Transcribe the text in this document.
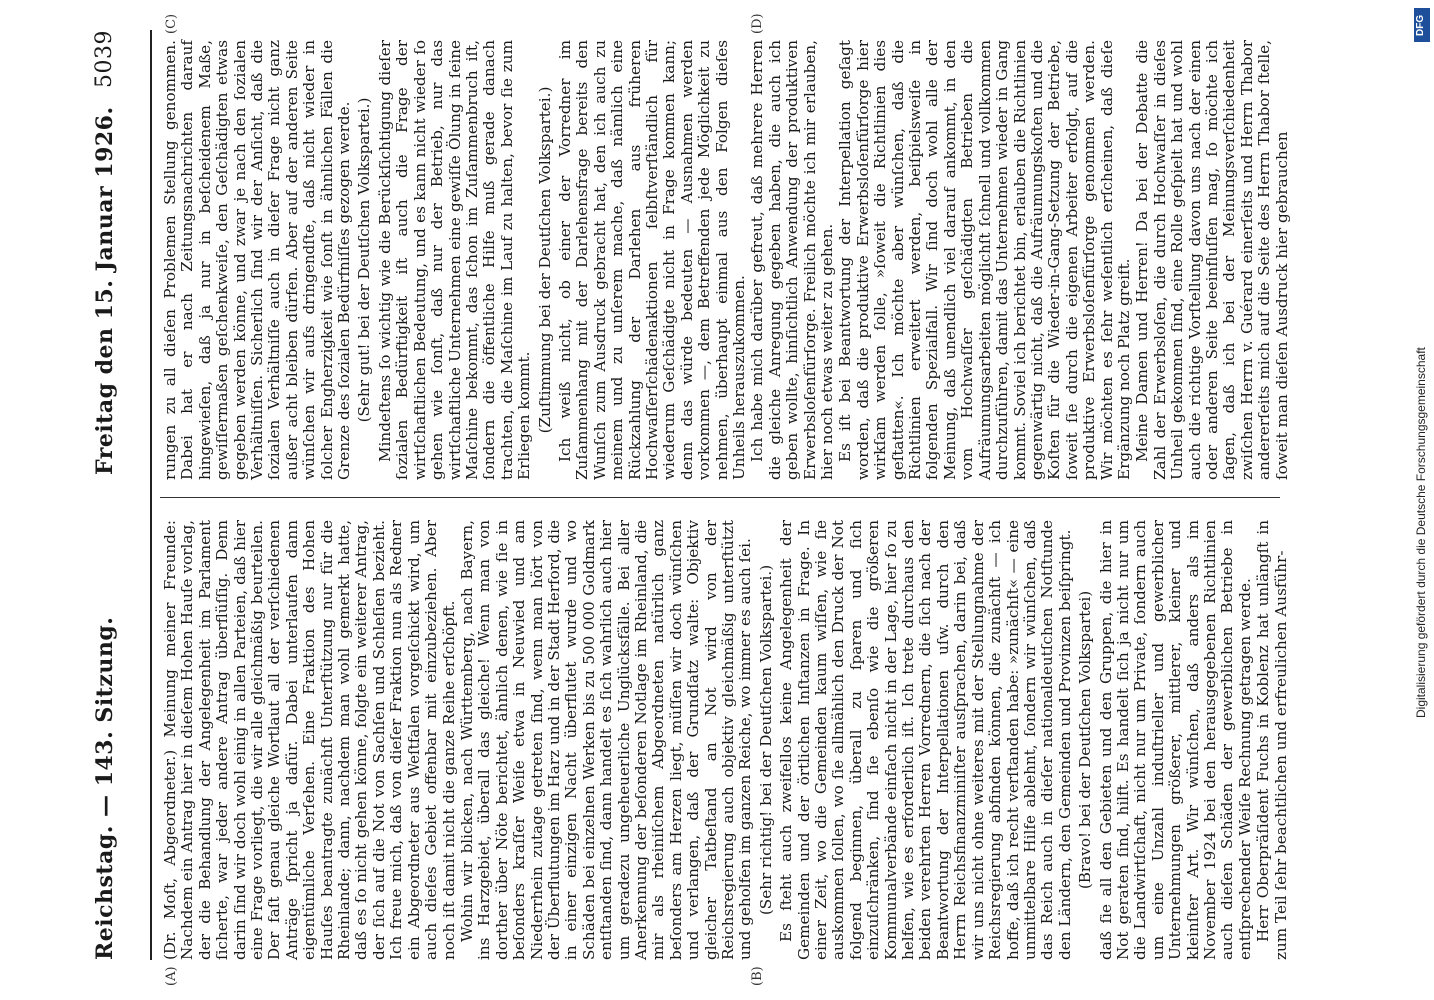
Reichstag. — 143. Sitzung.
Freitag den 15. Januar 1926.
5039
(A)	(B)
(C)	(D)

(Dr. Moſt, Abgeordneter.) Meinung meiner Freunde: Nachdem ein Antrag hier in dieſem Hohen Hauſe vorlag, der die Behandlung der Angelegenheit im Parlament ſicherte, war jeder andere Antrag überflüſſig. Denn darin ſind wir doch wohl einig in allen Parteien, daß hier eine Frage vorliegt, die wir alle gleichmäßig beurteilen. Der faſt genau gleiche Wortlaut all der verſchiedenen Anträge ſpricht ja dafür. Dabei unterlaufen dann eigentümliche Verſehen. Eine Fraktion des Hohen Hauſes beantragte zunächſt Unterſtützung nur für die Rheinlande; dann, nachdem man wohl gemerkt hatte, daß es ſo nicht gehen könne, folgte ein weiterer Antrag, der ſich auf die Not von Sachſen und Schleſien bezieht. Ich freue mich, daß von dieſer Fraktion nun als Redner ein Abgeordneter aus Weſtfalen vorgeſchickt wird, um auch dieſes Gebiet offenbar mit einzubeziehen. Aber noch iſt damit nicht die ganze Reihe erſchöpft. Wohin wir blicken, nach Württemberg, nach Bayern, ins Harzgebiet, überall das gleiche! Wenn man von dorther über Nöte berichtet, ähnlich denen, wie ſie in beſonders kraſſer Weiſe etwa in Neuwied und am Niederrhein zutage getreten ſind, wenn man hört von der Überflutungen im Harz und in der Stadt Herford, die in einer einzigen Nacht überflutet wurde und wo Schäden bei einzelnen Werken bis zu 500 000 Goldmark entſtanden ſind, dann handelt es ſich wahrlich auch hier um geradezu ungeheuerliche Unglücksfälle. Bei aller Anerkennung der beſonderen Notlage im Rheinland, die mir als rheiniſchem Abgeordneten natürlich ganz beſonders am Herzen liegt, müſſen wir doch wünſchen und verlangen, daß der Grundſatz walte: Objektiv gleicher Tatbeſtand an Not wird von der Reichsregierung auch objektiv gleichmäßig unterſtützt und geholfen im ganzen Reiche, wo immer es auch ſei. (Sehr richtig! bei der Deutſchen Volkspartei.) Es ſteht auch zweifellos keine Angelegenheit der Gemeinden und der örtlichen Inſtanzen in Frage. In einer Zeit, wo die Gemeinden kaum wiſſen, wie ſie auskommen ſollen, wo ſie allmählich den Druck der Not folgend beginnen, überall zu ſparen und ſich einzuſchränken, ſind ſie ebenſo wie die größeren Kommunalverbände einfach nicht in der Lage, hier ſo zu helfen, wie es erforderlich iſt. Ich trete durchaus den beiden verehrten Herren Vorrednern, die ſich nach der Beantwortung der Interpellationen uſw. durch den Herrn Reichsfinanzminiſter ausſprachen, darin bei, daß wir uns nicht ohne weiteres mit der Stellungnahme der Reichsregierung abfinden können, die zunächſt — ich hoffe, daß ich recht verſtanden habe: »zunächſt« — eine unmittelbare Hilfe ablehnt, ſondern wir wünſchen, daß das Reich auch in dieſer nationaldeutſchen Notſtunde den Ländern, den Gemeinden und Provinzen beiſpringt. (Bravo! bei der Deutſchen Volkspartei) daß ſie all den Gebieten und den Gruppen, die hier in Not geraten ſind, hilft. Es handelt ſich ja nicht nur um die Landwirtſchaft, nicht nur um Private, ſondern auch um eine Unzahl induſtrieller und gewerblicher Unternehmungen größerer, mittlerer, kleiner und kleinſter Art. Wir wünſchen, daß anders als im November 1924 bei den herausgegebenen Richtlinien auch dieſen Schäden der gewerblichen Betriebe in entſprechender Weiſe Rechnung getragen werde. Herr Oberpräſident Fuchs in Koblenz hat unlängſt in zum Teil ſehr beachtlichen und erfreulichen Ausführ-

rungen zu all dieſen Problemen Stellung genommen. Dabei hat er nach Zeitungsnachrichten darauf hingewieſen, daß ja nur in beſcheidenem Maße, gewiſſermaßen geſchenkweiſe, den Geſchädigten etwas gegeben werden könne, und zwar je nach den ſozialen Verhältniſſen. Sicherlich ſind wir der Anſicht, daß die ſozialen Verhältniſſe auch in dieſer Frage nicht ganz außer acht bleiben dürfen. Aber auf der anderen Seite wünſchen wir aufs dringendſte, daß nicht wieder in ſolcher Engherzigkeit wie ſonſt in ähnlichen Fällen die Grenze des ſozialen Bedürfniſſes gezogen werde. (Sehr gut! bei der Deutſchen Volkspartei.) Mindeſtens ſo wichtig wie die Berückſichtigung dieſer ſozialen Bedürftigkeit iſt auch die Frage der wirtſchaftlichen Bedeutung, und es kann nicht wieder ſo gehen wie ſonſt, daß nur der Betrieb, nur das wirtſchaftliche Unternehmen eine gewiſſe Ölung in ſeine Maſchine bekommt, das ſchon im Zuſammenbruch iſt, ſondern die öffentliche Hilfe muß gerade danach trachten, die Maſchine im Lauf zu halten, bevor ſie zum Erliegen kommt. (Zuſtimmung bei der Deutſchen Volkspartei.) Ich weiß nicht, ob einer der Vorredner im Zuſammenhang mit der Darlehensfrage bereits den Wunſch zum Ausdruck gebracht hat, den ich auch zu meinem und zu unſerem mache, daß nämlich eine Rückzahlung der Darlehen aus früheren Hochwaſſerſchädenaktionen ſelbſtverſtändlich für wiederum Geſchädigte nicht in Frage kommen kann; denn das würde bedeuten — Ausnahmen werden vorkommen —, dem Betreffenden jede Möglichkeit zu nehmen, überhaupt einmal aus den Folgen dieſes Unheils herauszukommen. Ich habe mich darüber gefreut, daß mehrere Herren die gleiche Anregung gegeben haben, die auch ich geben wollte, hinſichtlich Anwendung der produktiven Erwerbsloſenfürſorge. Freilich möchte ich mir erlauben, hier noch etwas weiter zu gehen. Es iſt bei Beantwortung der Interpellation geſagt worden, daß die produktive Erwerbsloſenfürſorge hier wirkſam werden ſolle, »ſoweit die Richtlinien dies geſtatten«. Ich möchte aber wünſchen, daß die Richtlinien erweitert werden, beiſpielsweiſe in folgenden Spezialfall. Wir ſind doch wohl alle der Meinung, daß unendlich viel darauf ankommt, in den vom Hochwaſſer geſchädigten Betrieben die Aufräumungsarbeiten möglichſt ſchnell und vollkommen durchzuführen, damit das Unternehmen wieder in Gang kommt. Soviel ich berichtet bin, erlauben die Richtlinien gegenwärtig nicht, daß die Aufräumungskoſten und die Koſten für die Wieder-in-Gang-Setzung der Betriebe, ſoweit ſie durch die eigenen Arbeiter erfolgt, auf die produktive Erwerbsloſenfürſorge genommen werden. Wir möchten es ſehr weſentlich erſcheinen, daß dieſe Ergänzung noch Platz greift. Meine Damen und Herren! Da bei der Debatte die Zahl der Erwerbsloſen, die durch Hochwaſſer in dieſes Unheil gekommen ſind, eine Rolle geſpielt hat und wohl auch die richtige Vorſtellung davon uns nach der einen oder anderen Seite beeinfluſſen mag, ſo möchte ich ſagen, daß ich bei der Meinungsverſchiedenheit zwiſchen Herrn v. Guérard einerſeits und Herrn Thabor andererſeits mich auf die Seite des Herrn Thabor ſtelle, ſoweit man dieſen Ausdruck hier gebrauchen

Digitalisierung gefördert durch die Deutsche Forschungsgemeinschaft
DFG
